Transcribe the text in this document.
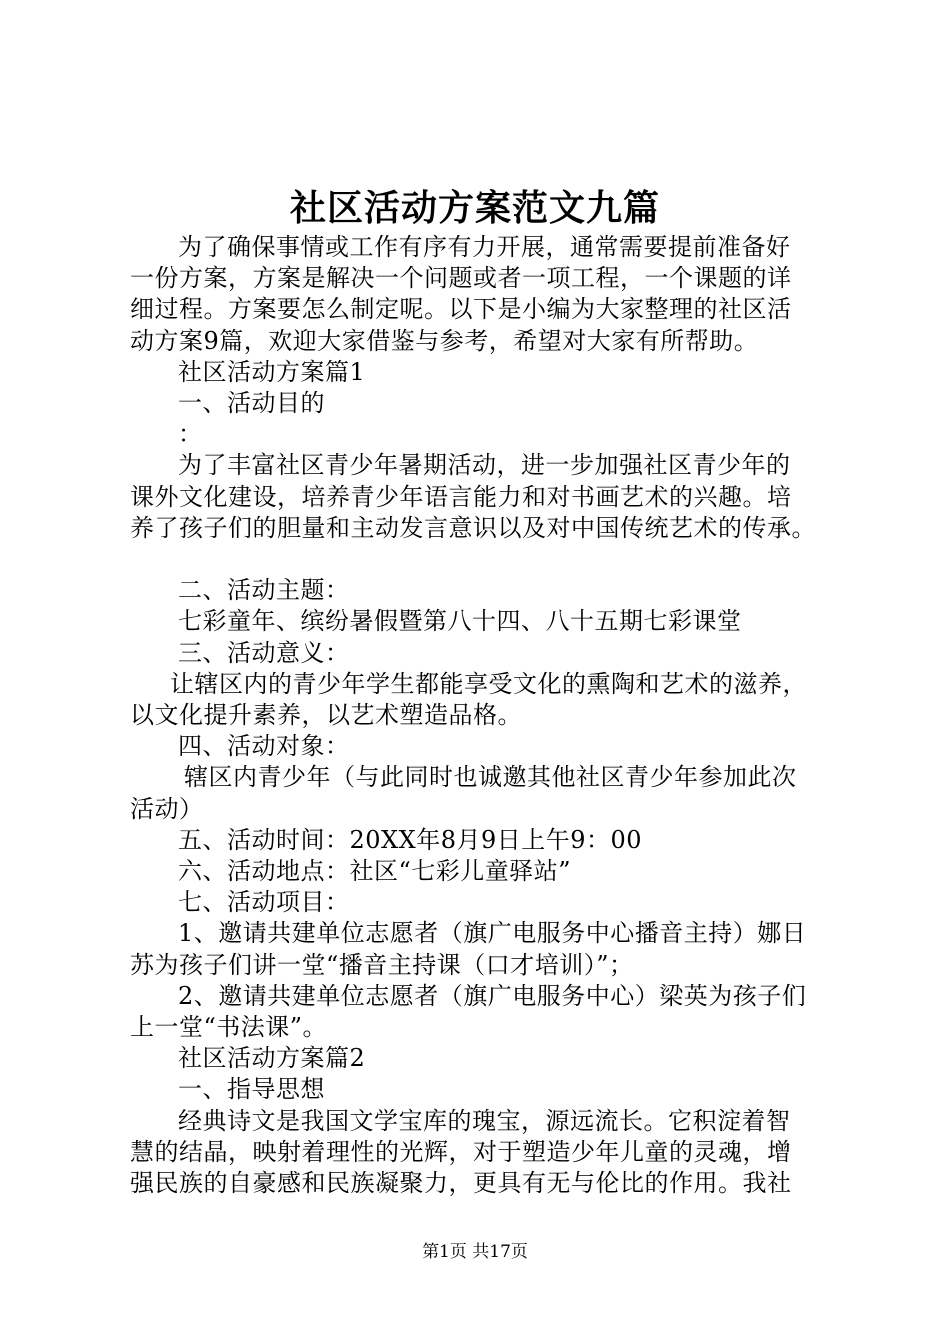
社区活动方案范文九篇

为了确保事情或工作有序有力开展，通常需要提前准备好

一份方案，方案是解决一个问题或者一项工程，一个课题的详

细过程。方案要怎么制定呢。以下是小编为大家整理的社区活

动方案9篇，欢迎大家借鉴与参考，希望对大家有所帮助。

社区活动方案篇1

一、活动目的

：

为了丰富社区青少年暑期活动，进一步加强社区青少年的

课外文化建设，培养青少年语言能力和对书画艺术的兴趣。培

养了孩子们的胆量和主动发言意识以及对中国传统艺术的传承。

二、活动主题：

七彩童年、缤纷暑假暨第八十四、八十五期七彩课堂

三、活动意义：

让辖区内的青少年学生都能享受文化的熏陶和艺术的滋养，

以文化提升素养，以艺术塑造品格。

四、活动对象：

辖区内青少年（与此同时也诚邀其他社区青少年参加此次

活动）

五、活动时间：20XX年8月9日上午9：00

六、活动地点：社区“七彩儿童驿站”

七、活动项目：

1、邀请共建单位志愿者（旗广电服务中心播音主持）娜日

苏为孩子们讲一堂“播音主持课（口才培训）”；

2、邀请共建单位志愿者（旗广电服务中心）梁英为孩子们

上一堂“书法课”。

社区活动方案篇2

一、指导思想

经典诗文是我国文学宝库的瑰宝，源远流长。它积淀着智

慧的结晶，映射着理性的光辉，对于塑造少年儿童的灵魂，增

强民族的自豪感和民族凝聚力，更具有无与伦比的作用。我社

第1页 共17页
